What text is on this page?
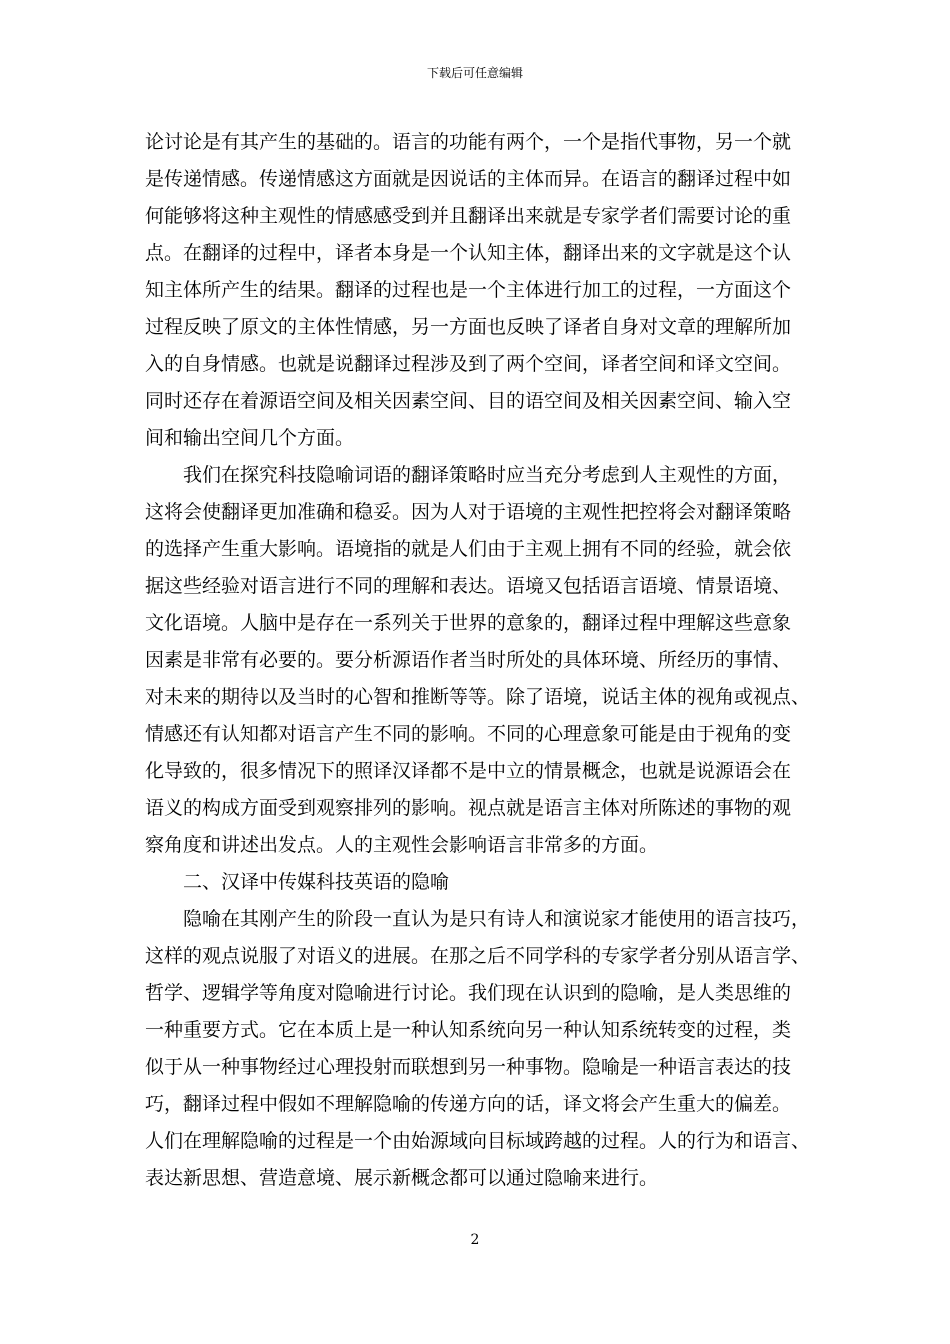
下载后可任意编辑
论讨论是有其产生的基础的。语言的功能有两个，一个是指代事物，另一个就
是传递情感。传递情感这方面就是因说话的主体而异。在语言的翻译过程中如
何能够将这种主观性的情感感受到并且翻译出来就是专家学者们需要讨论的重
点。在翻译的过程中，译者本身是一个认知主体，翻译出来的文字就是这个认
知主体所产生的结果。翻译的过程也是一个主体进行加工的过程，一方面这个
过程反映了原文的主体性情感，另一方面也反映了译者自身对文章的理解所加
入的自身情感。也就是说翻译过程涉及到了两个空间，译者空间和译文空间。
同时还存在着源语空间及相关因素空间、目的语空间及相关因素空间、输入空
间和输出空间几个方面。
我们在探究科技隐喻词语的翻译策略时应当充分考虑到人主观性的方面，
这将会使翻译更加准确和稳妥。因为人对于语境的主观性把控将会对翻译策略
的选择产生重大影响。语境指的就是人们由于主观上拥有不同的经验，就会依
据这些经验对语言进行不同的理解和表达。语境又包括语言语境、情景语境、
文化语境。人脑中是存在一系列关于世界的意象的，翻译过程中理解这些意象
因素是非常有必要的。要分析源语作者当时所处的具体环境、所经历的事情、
对未来的期待以及当时的心智和推断等等。除了语境，说话主体的视角或视点、
情感还有认知都对语言产生不同的影响。不同的心理意象可能是由于视角的变
化导致的，很多情况下的照译汉译都不是中立的情景概念，也就是说源语会在
语义的构成方面受到观察排列的影响。视点就是语言主体对所陈述的事物的观
察角度和讲述出发点。人的主观性会影响语言非常多的方面。
二、汉译中传媒科技英语的隐喻
隐喻在其刚产生的阶段一直认为是只有诗人和演说家才能使用的语言技巧，
这样的观点说服了对语义的进展。在那之后不同学科的专家学者分别从语言学、
哲学、逻辑学等角度对隐喻进行讨论。我们现在认识到的隐喻，是人类思维的
一种重要方式。它在本质上是一种认知系统向另一种认知系统转变的过程，类
似于从一种事物经过心理投射而联想到另一种事物。隐喻是一种语言表达的技
巧，翻译过程中假如不理解隐喻的传递方向的话，译文将会产生重大的偏差。
人们在理解隐喻的过程是一个由始源域向目标域跨越的过程。人的行为和语言、
表达新思想、营造意境、展示新概念都可以通过隐喻来进行。
2
